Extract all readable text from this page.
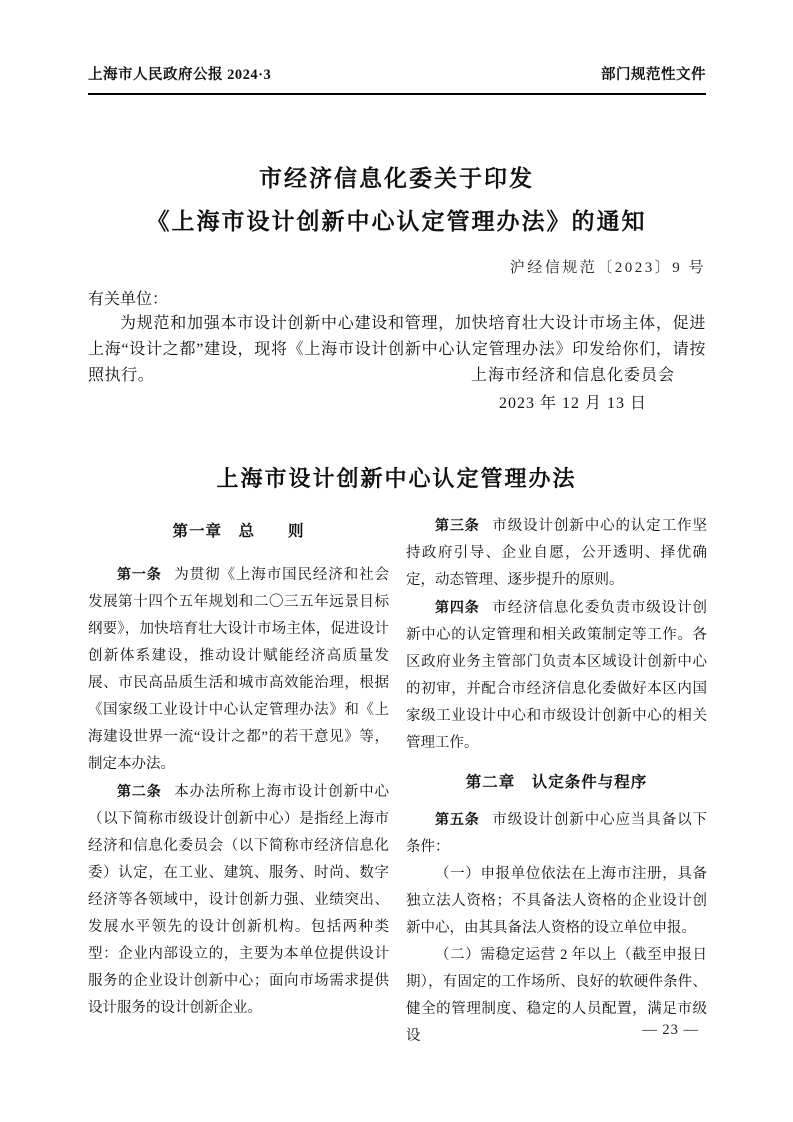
上海市人民政府公报 2024·3	部门规范性文件
市经济信息化委关于印发
《上海市设计创新中心认定管理办法》的通知
沪经信规范〔2023〕9 号
有关单位：
为规范和加强本市设计创新中心建设和管理，加快培育壮大设计市场主体，促进上海“设计之都”建设，现将《上海市设计创新中心认定管理办法》印发给你们，请按照执行。	上海市经济和信息化委员会
2023 年 12 月 13 日
上海市设计创新中心认定管理办法
第一章　总　　则

第一条 为贯彻《上海市国民经济和社会发展第十四个五年规划和二〇三五年远景目标纲要》，加快培育壮大设计市场主体，促进设计创新体系建设，推动设计赋能经济高质量发展、市民高品质生活和城市高效能治理，根据《国家级工业设计中心认定管理办法》和《上海建设世界一流“设计之都”的若干意见》等，制定本办法。

第二条 本办法所称上海市设计创新中心（以下简称市级设计创新中心）是指经上海市经济和信息化委员会（以下简称市经济信息化委）认定，在工业、建筑、服务、时尚、数字经济等各领域中，设计创新力强、业绩突出、发展水平领先的设计创新机构。包括两种类型：企业内部设立的，主要为本单位提供设计服务的企业设计创新中心；面向市场需求提供设计服务的设计创新企业。

第三条 市级设计创新中心的认定工作坚持政府引导、企业自愿，公开透明、择优确定，动态管理、逐步提升的原则。

第四条 市经济信息化委负责市级设计创新中心的认定管理和相关政策制定等工作。各区政府业务主管部门负责本区域设计创新中心的初审，并配合市经济信息化委做好本区内国家级工业设计中心和市级设计创新中心的相关管理工作。

第二章　认定条件与程序

第五条 市级设计创新中心应当具备以下条件：

（一）申报单位依法在上海市注册，具备独立法人资格；不具备法人资格的企业设计创新中心，由其具备法人资格的设立单位申报。

（二）需稳定运营 2 年以上（截至申报日期），有固定的工作场所、良好的软硬件条件、健全的管理制度、稳定的人员配置，满足市级设	— 23 —
